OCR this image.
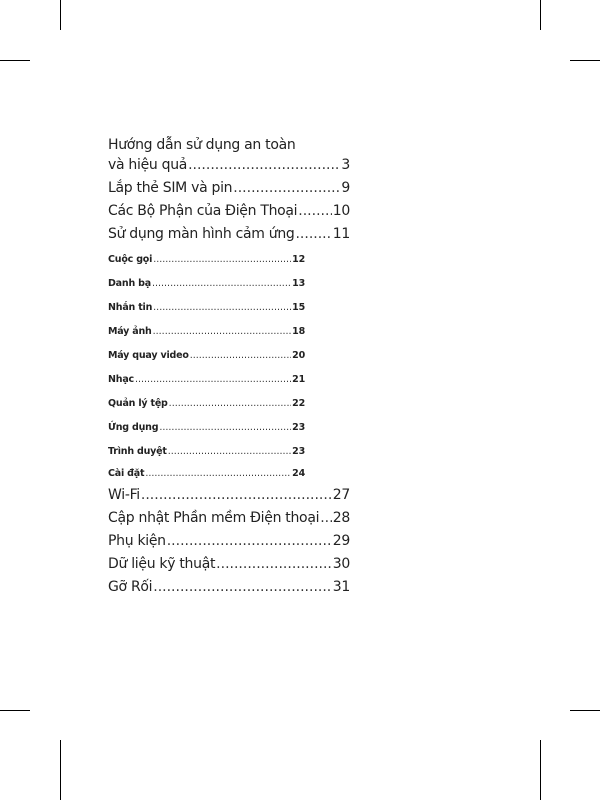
Hướng dẫn sử dụng an toàn
và hiệu quả .....	3
Lắp thẻ SIM và pin .....	9
Các Bộ Phận của Điện Thoại .....	10
Sử dụng màn hình cảm ứng .....	11
Cuộc gọi .....	12
Danh bạ .....	13
Nhắn tin .....	15
Máy ảnh .....	18
Máy quay video .....	20
Nhạc .....	21
Quản lý tệp .....	22
Ứng dụng .....	23
Trình duyệt .....	23
Cài đặt .....	24
Wi-Fi .....	27
Cập nhật Phần mềm Điện thoại ..... 28
Phụ kiện .....	29
Dữ liệu kỹ thuật .....	30
Gỡ Rối .....	31
